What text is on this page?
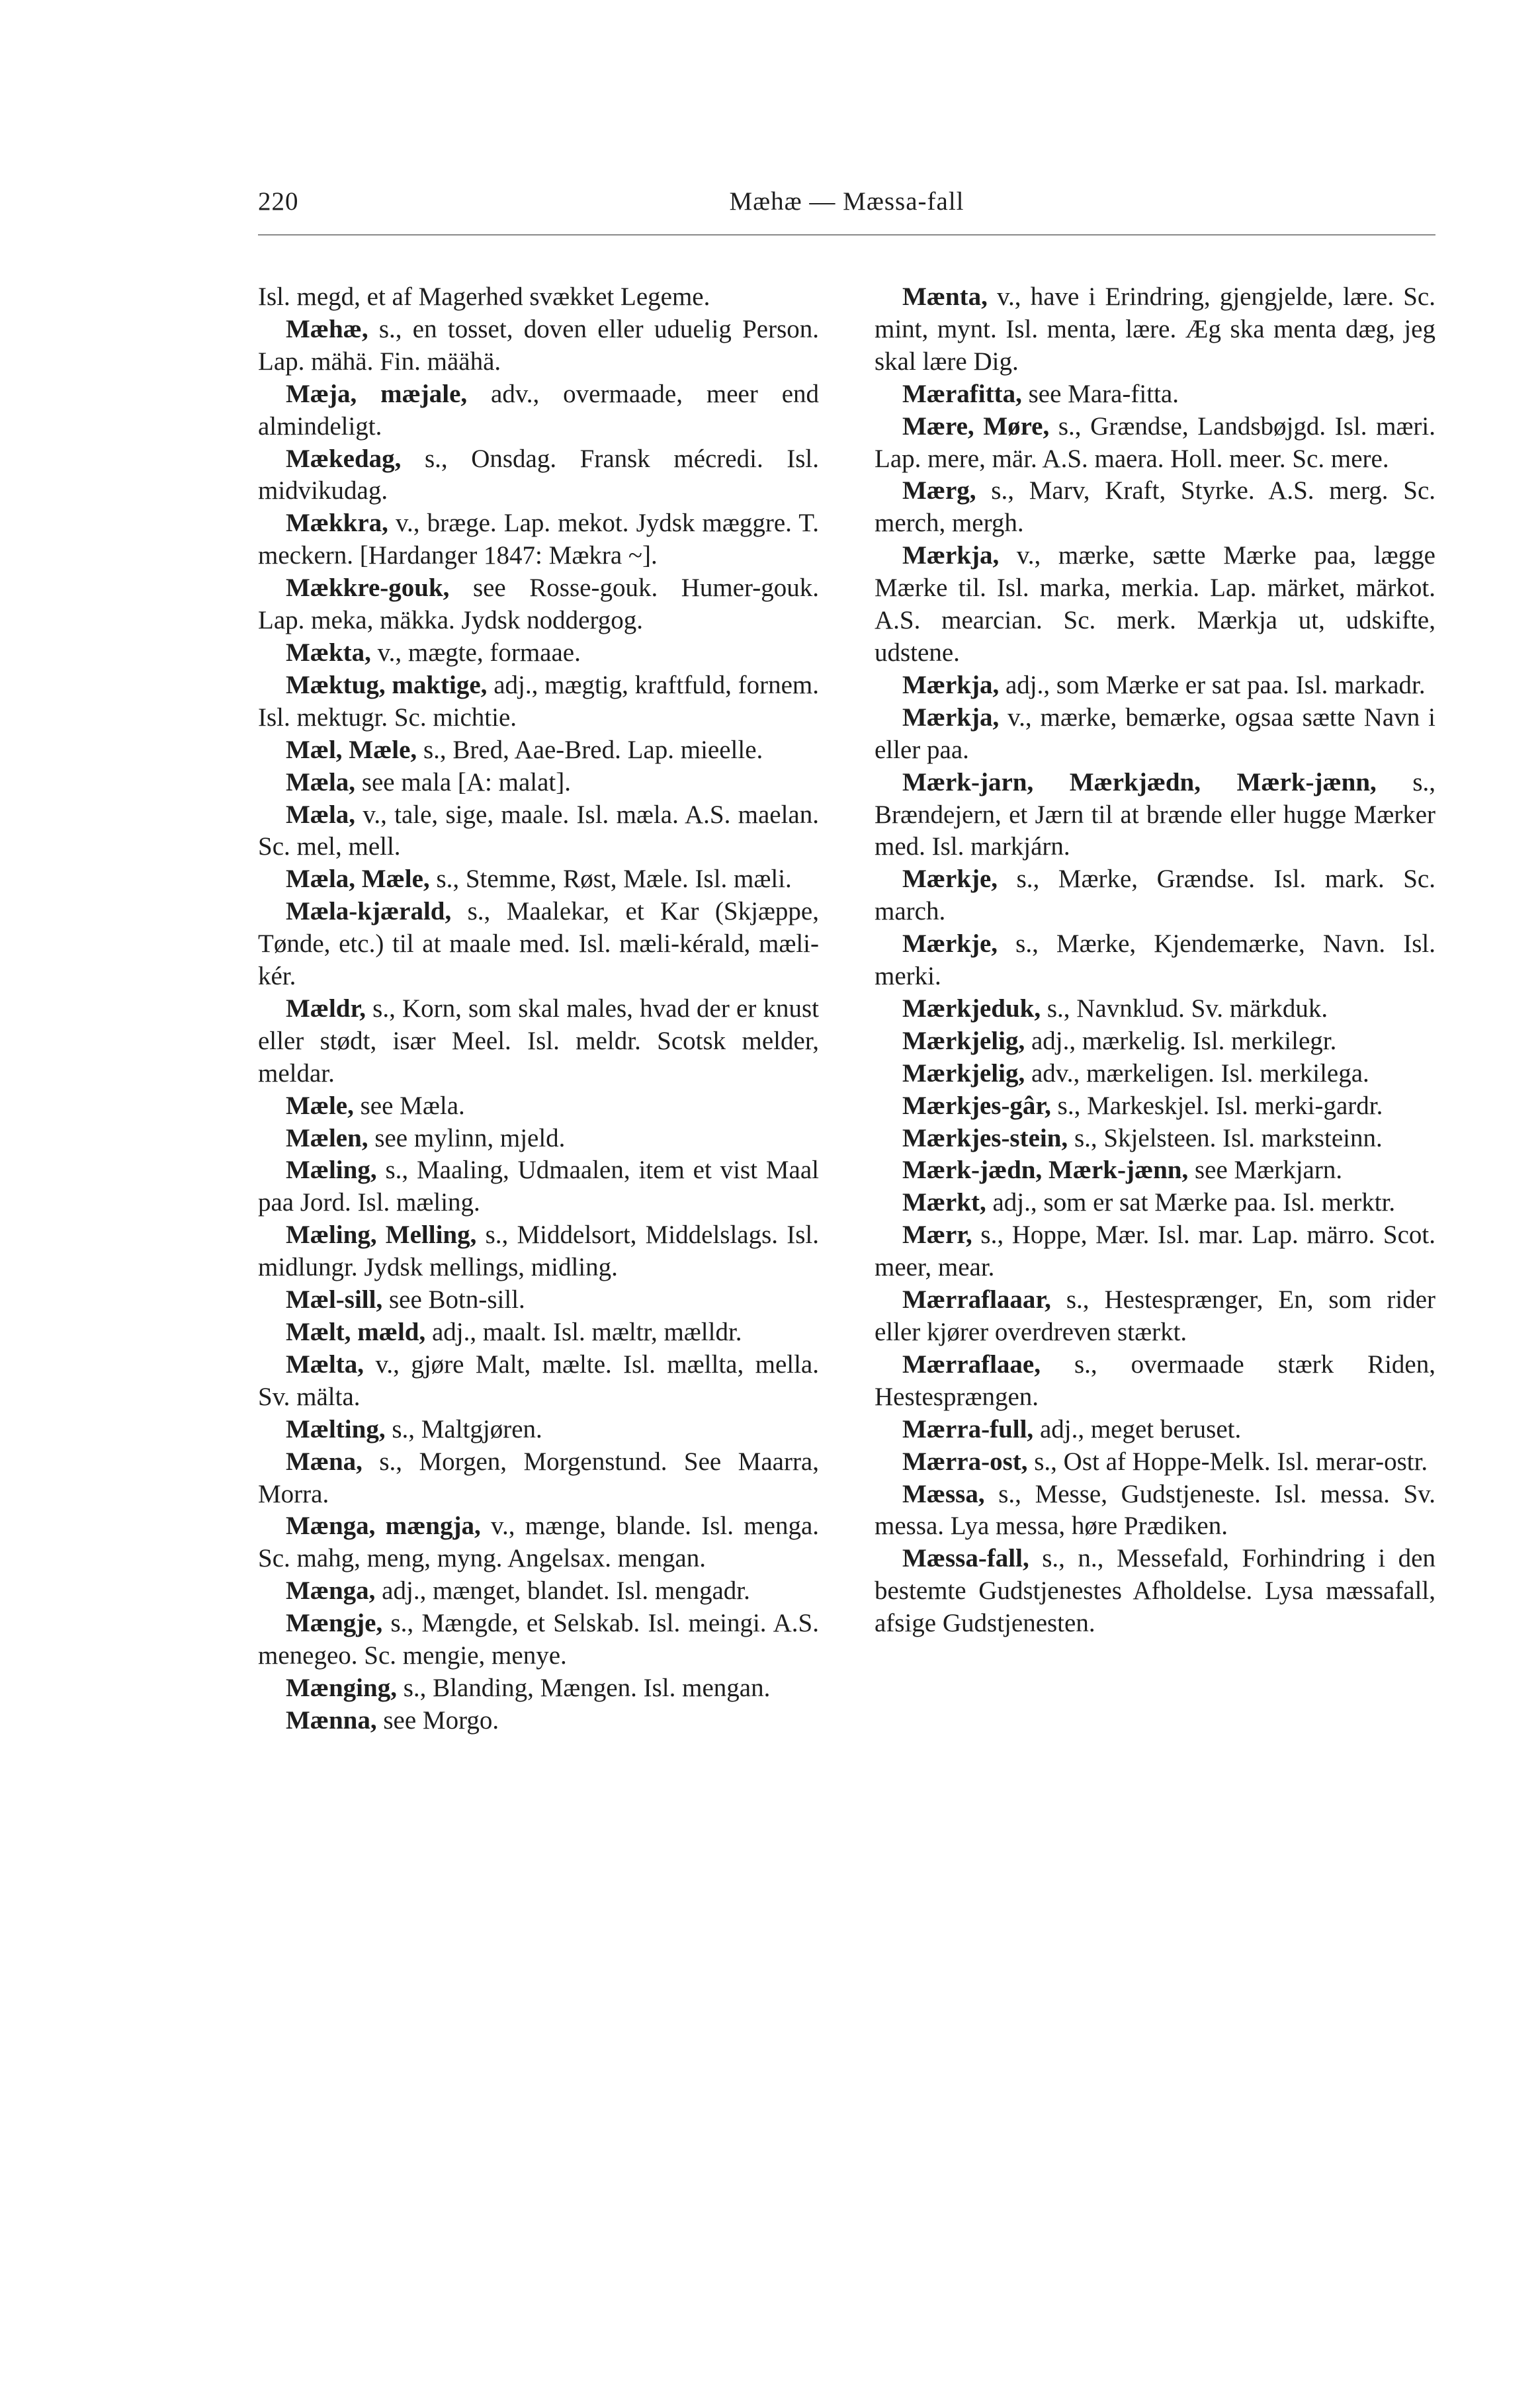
220	Mæhæ — Mæssa-fall

Isl. megd, et af Magerhed svækket Legeme.

Mæhæ, s., en tosset, doven eller uduelig Person. Lap. mähä. Fin. määhä.

Mæja, mæjale, adv., overmaade, meer end almindeligt.

Mækedag, s., Onsdag. Fransk mécredi. Isl. midvikudag.

Mækkra, v., bræge. Lap. mekot. Jydsk mæggre. T. meckern. [Hardanger 1847: Mækra ~].

Mækkre-gouk, see Rosse-gouk. Humer-gouk. Lap. meka, mäkka. Jydsk noddergog.

Mækta, v., mægte, formaae.

Mæktug, maktige, adj., mægtig, kraftfuld, fornem. Isl. mektugr. Sc. michtie.

Mæl, Mæle, s., Bred, Aae-Bred. Lap. mieelle.

Mæla, see mala [A: malat].

Mæla, v., tale, sige, maale. Isl. mæla. A.S. maelan. Sc. mel, mell.

Mæla, Mæle, s., Stemme, Røst, Mæle. Isl. mæli.

Mæla-kjærald, s., Maalekar, et Kar (Skjæppe, Tønde, etc.) til at maale med. Isl. mæli-kérald, mæli-kér.

Mældr, s., Korn, som skal males, hvad der er knust eller stødt, især Meel. Isl. meldr. Scotsk melder, meldar.

Mæle, see Mæla.

Mælen, see mylinn, mjeld.

Mæling, s., Maaling, Udmaalen, item et vist Maal paa Jord. Isl. mæling.

Mæling, Melling, s., Middelsort, Middelslags. Isl. midlungr. Jydsk mellings, midling.

Mæl-sill, see Botn-sill.

Mælt, mæld, adj., maalt. Isl. mæltr, mælldr.

Mælta, v., gjøre Malt, mælte. Isl. mællta, mella. Sv. mälta.

Mælting, s., Maltgjøren.

Mæna, s., Morgen, Morgenstund. See Maarra, Morra.

Mænga, mængja, v., mænge, blande. Isl. menga. Sc. mahg, meng, myng. Angelsax. mengan.

Mænga, adj., mænget, blandet. Isl. mengadr.

Mængje, s., Mængde, et Selskab. Isl. meingi. A.S. menegeo. Sc. mengie, menye.

Mænging, s., Blanding, Mængen. Isl. mengan.

Mænna, see Morgo.

Mænta, v., have i Erindring, gjengjelde, lære. Sc. mint, mynt. Isl. menta, lære. Æg ska menta dæg, jeg skal lære Dig.

Mærafitta, see Mara-fitta.

Mære, Møre, s., Grændse, Landsbøjgd. Isl. mæri. Lap. mere, mär. A.S. maera. Holl. meer. Sc. mere.

Mærg, s., Marv, Kraft, Styrke. A.S. merg. Sc. merch, mergh.

Mærkja, v., mærke, sætte Mærke paa, lægge Mærke til. Isl. marka, merkia. Lap. märket, märkot. A.S. mearcian. Sc. merk. Mærkja ut, udskifte, udstene.

Mærkja, adj., som Mærke er sat paa. Isl. markadr.

Mærkja, v., mærke, bemærke, ogsaa sætte Navn i eller paa.

Mærk-jarn, Mærkjædn, Mærk-jænn, s., Brændejern, et Jærn til at brænde eller hugge Mærker med. Isl. markjárn.

Mærkje, s., Mærke, Grændse. Isl. mark. Sc. march.

Mærkje, s., Mærke, Kjendemærke, Navn. Isl. merki.

Mærkjeduk, s., Navnklud. Sv. märkduk.

Mærkjelig, adj., mærkelig. Isl. merkilegr.

Mærkjelig, adv., mærkeligen. Isl. merkilega.

Mærkjes-gâr, s., Markeskjel. Isl. merki-gardr.

Mærkjes-stein, s., Skjelsteen. Isl. marksteinn.

Mærk-jædn, Mærk-jænn, see Mærkjarn.

Mærkt, adj., som er sat Mærke paa. Isl. merktr.

Mærr, s., Hoppe, Mær. Isl. mar. Lap. märro. Scot. meer, mear.

Mærraflaaar, s., Hestesprænger, En, som rider eller kjører overdreven stærkt.

Mærraflaae, s., overmaade stærk Riden, Hestesprængen.

Mærra-full, adj., meget beruset.

Mærra-ost, s., Ost af Hoppe-Melk. Isl. merar-ostr.

Mæssa, s., Messe, Gudstjeneste. Isl. messa. Sv. messa. Lya messa, høre Prædiken.

Mæssa-fall, s., n., Messefald, Forhindring i den bestemte Gudstjenestes Afholdelse. Lysa mæssafall, afsige Gudstjenesten.
